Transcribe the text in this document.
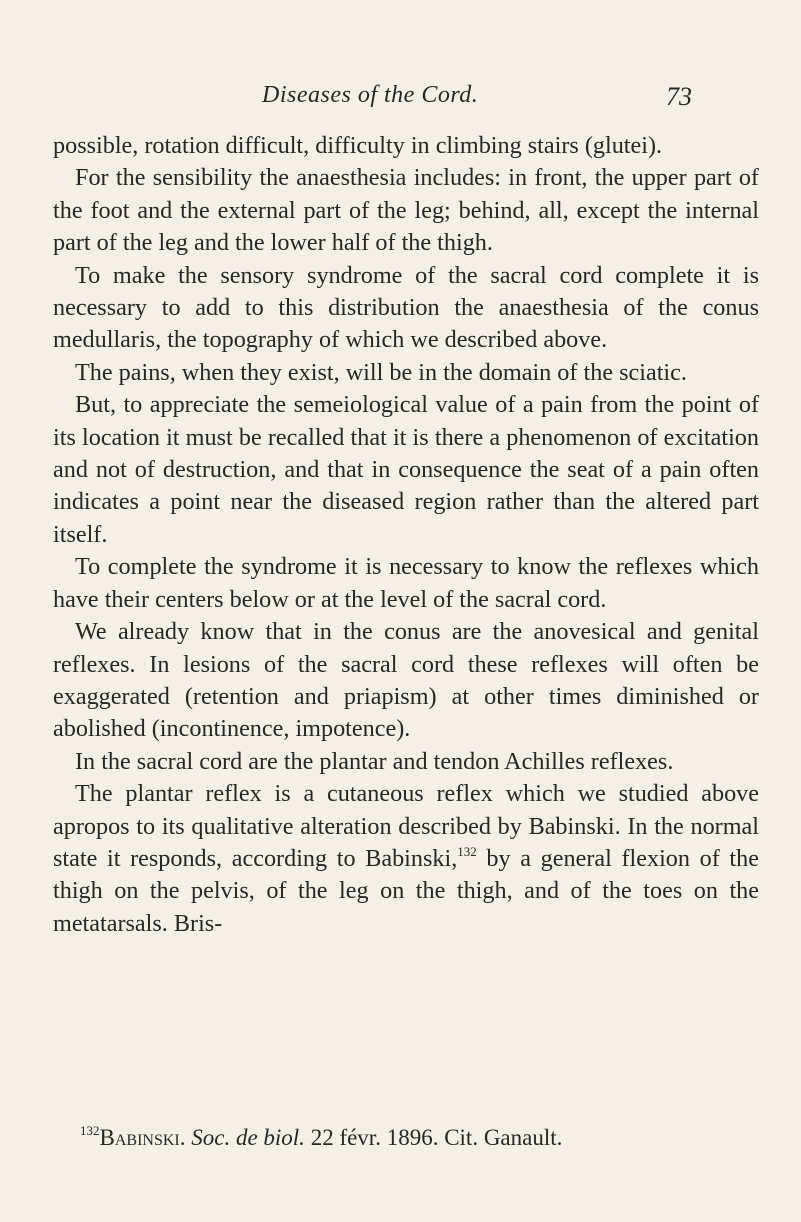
Diseases of the Cord.	73

possible, rotation difficult, difficulty in climbing stairs (glutei).

For the sensibility the anaesthesia includes: in front, the upper part of the foot and the external part of the leg; behind, all, except the internal part of the leg and the lower half of the thigh.

To make the sensory syndrome of the sacral cord complete it is necessary to add to this distribution the anaesthesia of the conus medullaris, the topography of which we described above.

The pains, when they exist, will be in the domain of the sciatic.

But, to appreciate the semeiological value of a pain from the point of its location it must be recalled that it is there a phenomenon of excitation and not of destruction, and that in consequence the seat of a pain often indicates a point near the diseased region rather than the altered part itself.

To complete the syndrome it is necessary to know the reflexes which have their centers below or at the level of the sacral cord.

We already know that in the conus are the anovesical and genital reflexes. In lesions of the sacral cord these reflexes will often be exaggerated (retention and priapism) at other times diminished or abolished (incontinence, impotence).

In the sacral cord are the plantar and tendon Achilles reflexes.

The plantar reflex is a cutaneous reflex which we studied above apropos to its qualitative alteration described by Babinski. In the normal state it responds, according to Babinski,$^{132}$ by a general flexion of the thigh on the pelvis, of the leg on the thigh, and of the toes on the metatarsals. Bris-

$^{132}$Babinski. Soc. de biol. 22 févr. 1896. Cit. Ganault.
